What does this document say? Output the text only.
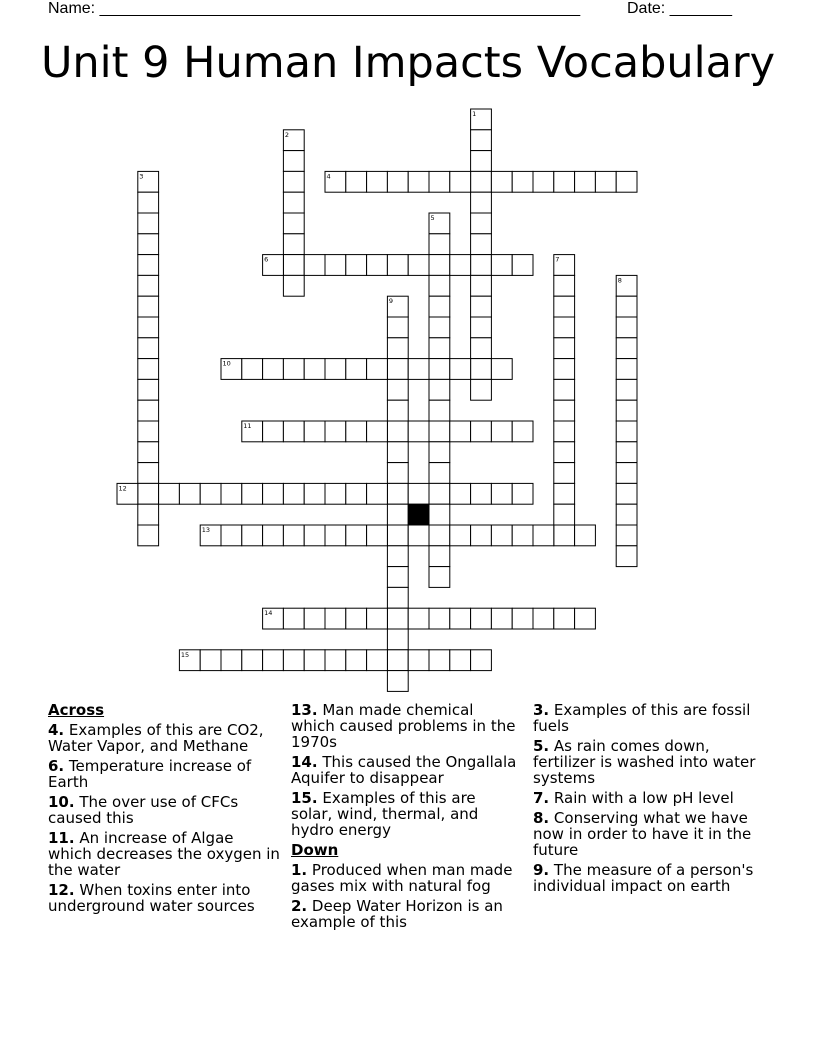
Name: ______________________________________________________	Date: _______
Unit 9 Human Impacts Vocabulary
1
2
3	4
5
6	7
8
9
10
11
12
13
14
15
Across
4. Examples of this are CO2, Water Vapor, and Methane
6. Temperature increase of Earth
10. The over use of CFCs caused this
11. An increase of Algae which decreases the oxygen in the water
12. When toxins enter into underground water sources
13. Man made chemical which caused problems in the 1970s
14. This caused the Ongallala Aquifer to disappear
15. Examples of this are solar, wind, thermal, and hydro energy
Down
1. Produced when man made gases mix with natural fog
2. Deep Water Horizon is an example of this
3. Examples of this are fossil fuels
5. As rain comes down, fertilizer is washed into water systems
7. Rain with a low pH level
8. Conserving what we have now in order to have it in the future
9. The measure of a person's individual impact on earth
